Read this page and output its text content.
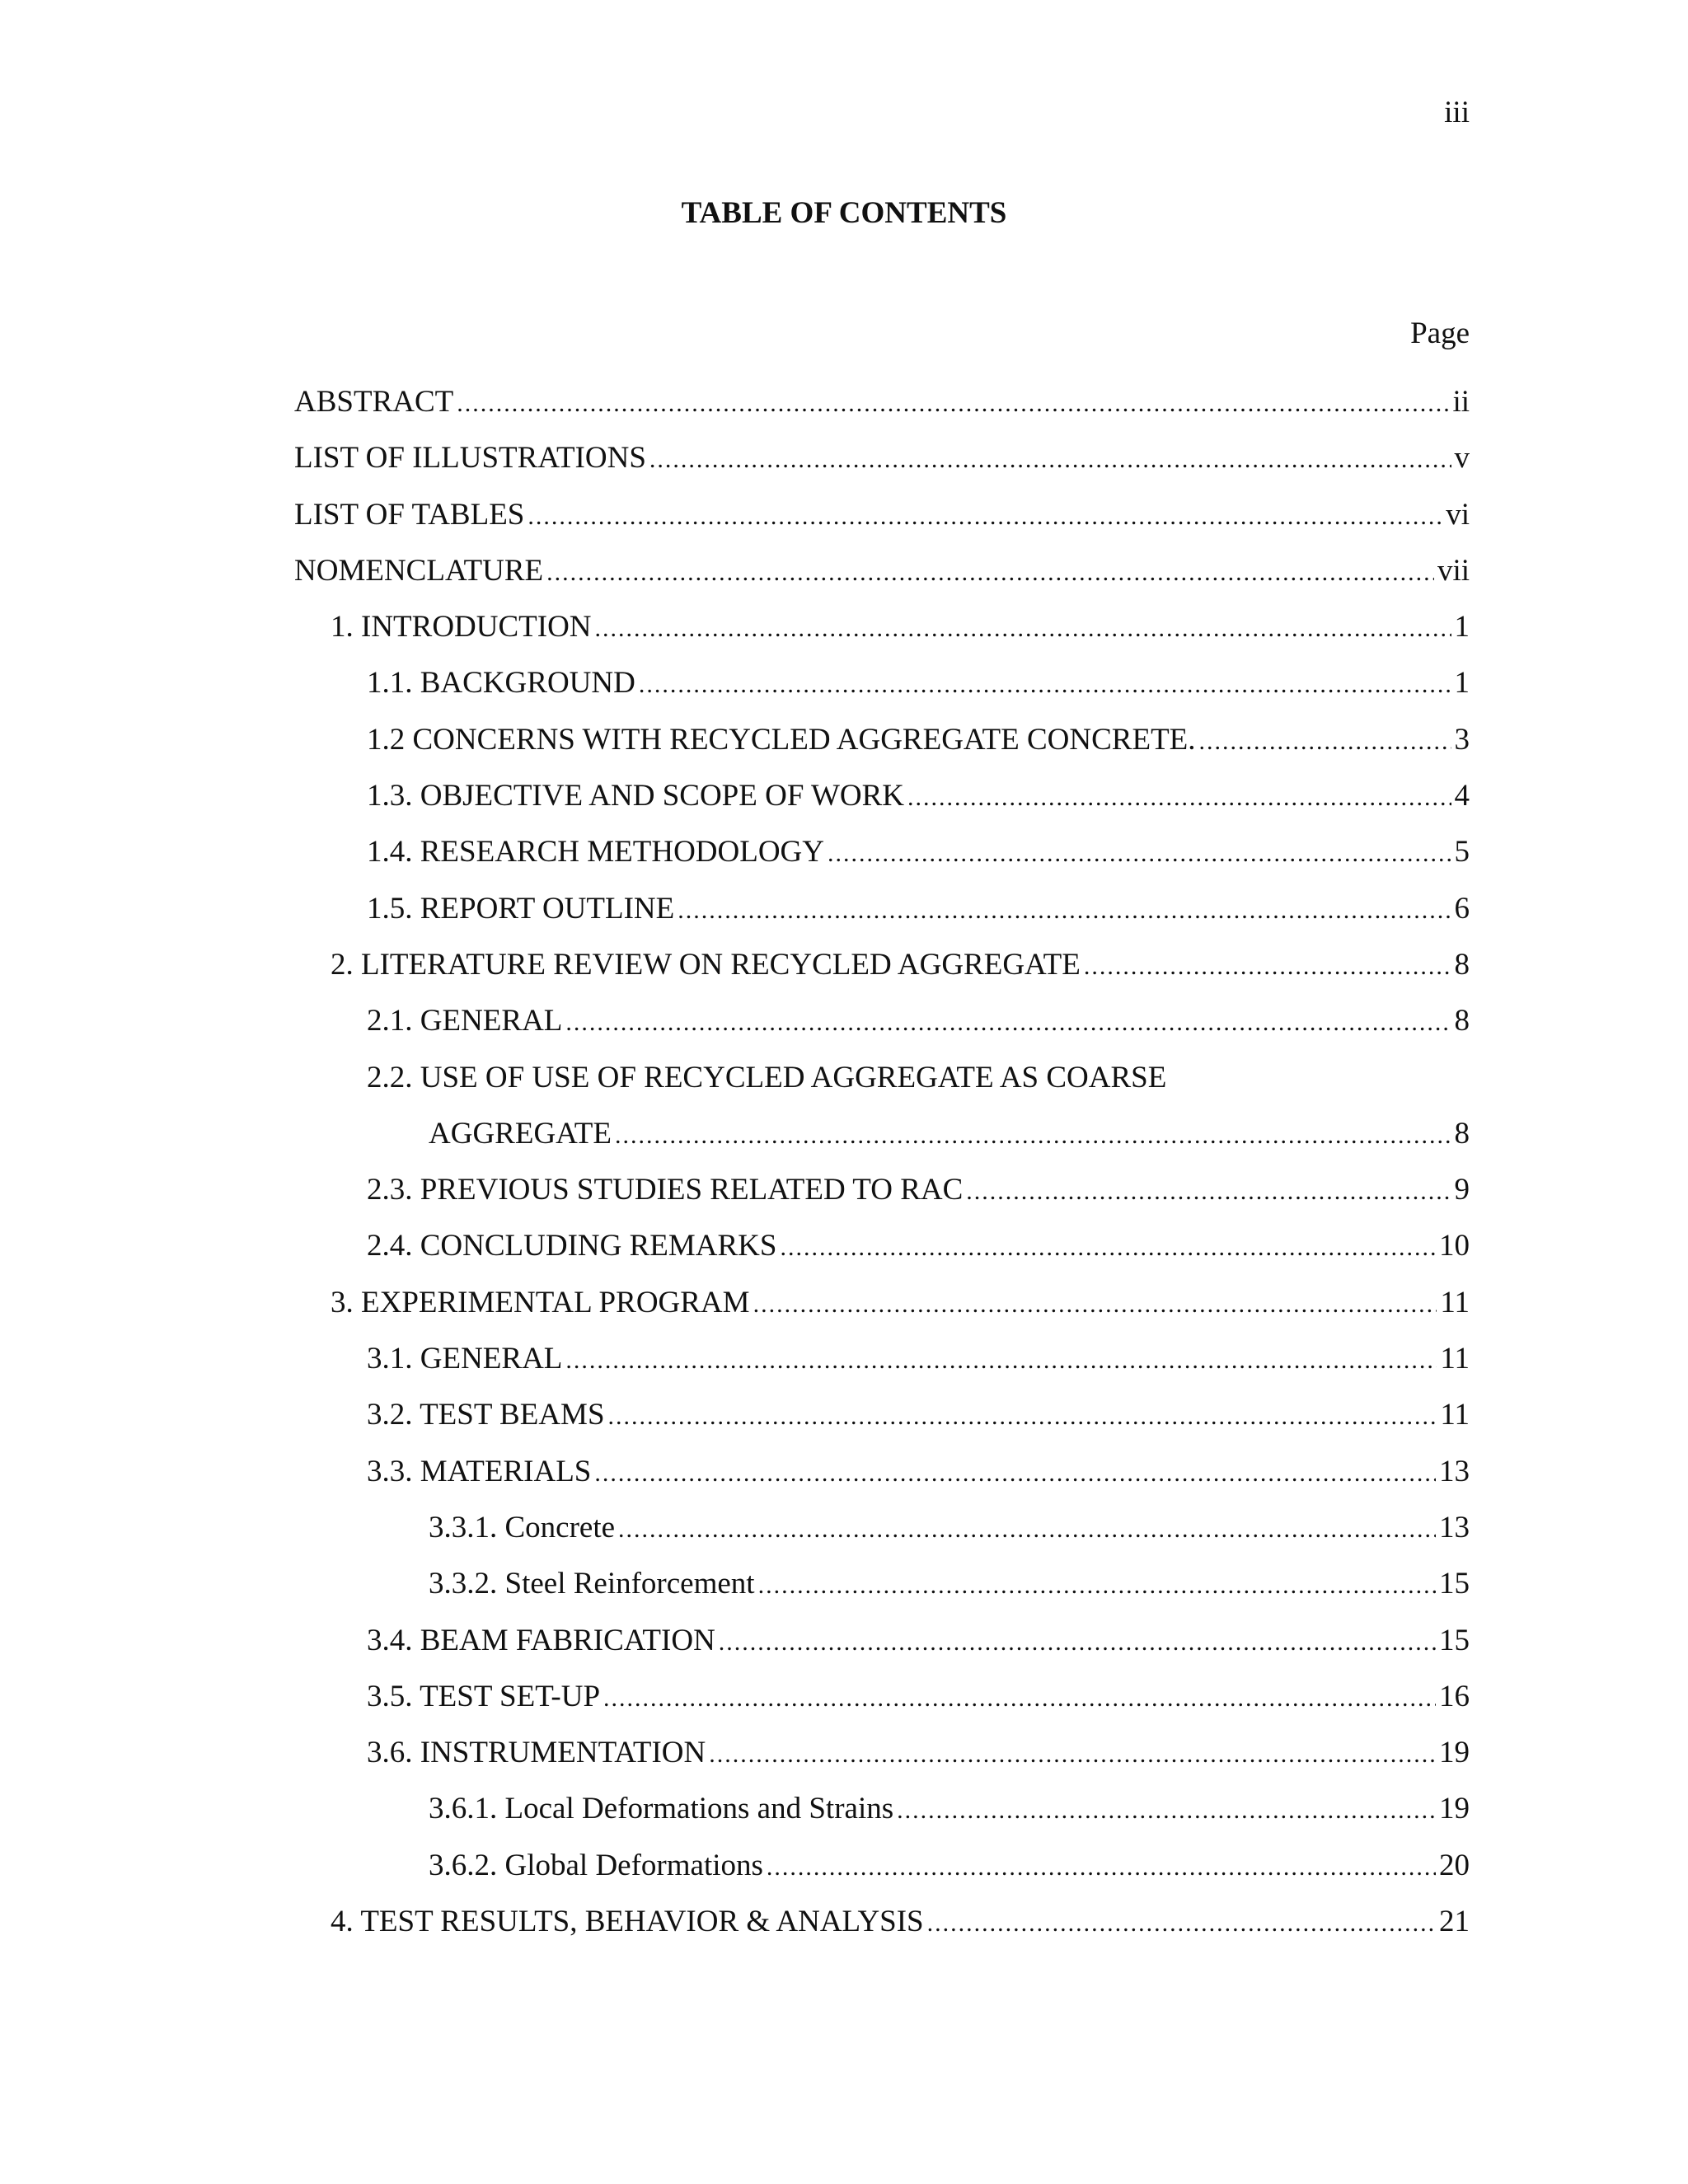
iii
TABLE OF CONTENTS
Page
ABSTRACT .....	ii
LIST OF ILLUSTRATIONS .....	v
LIST OF TABLES .....	vi
NOMENCLATURE .....	vii
1. INTRODUCTION .....	1
1.1. BACKGROUND .....	1
1.2 CONCERNS WITH RECYCLED AGGREGATE CONCRETE. .....	3
1.3. OBJECTIVE AND SCOPE OF WORK .....	4
1.4. RESEARCH METHODOLOGY .....	5
1.5. REPORT OUTLINE .....	6
2. LITERATURE REVIEW ON RECYCLED AGGREGATE .....	8
2.1. GENERAL .....	8
2.2. USE OF USE OF RECYCLED AGGREGATE AS COARSE
AGGREGATE .....	8
2.3. PREVIOUS STUDIES RELATED TO RAC .....	9
2.4. CONCLUDING REMARKS .....	10
3. EXPERIMENTAL PROGRAM .....	11
3.1. GENERAL .....	11
3.2. TEST BEAMS .....	11
3.3. MATERIALS .....	13
3.3.1. Concrete .....	13
3.3.2. Steel Reinforcement .....	15
3.4. BEAM FABRICATION .....	15
3.5. TEST SET-UP .....	16
3.6. INSTRUMENTATION .....	19
3.6.1. Local Deformations and Strains .....	19
3.6.2. Global Deformations .....	20
4. TEST RESULTS, BEHAVIOR & ANALYSIS .....	21
